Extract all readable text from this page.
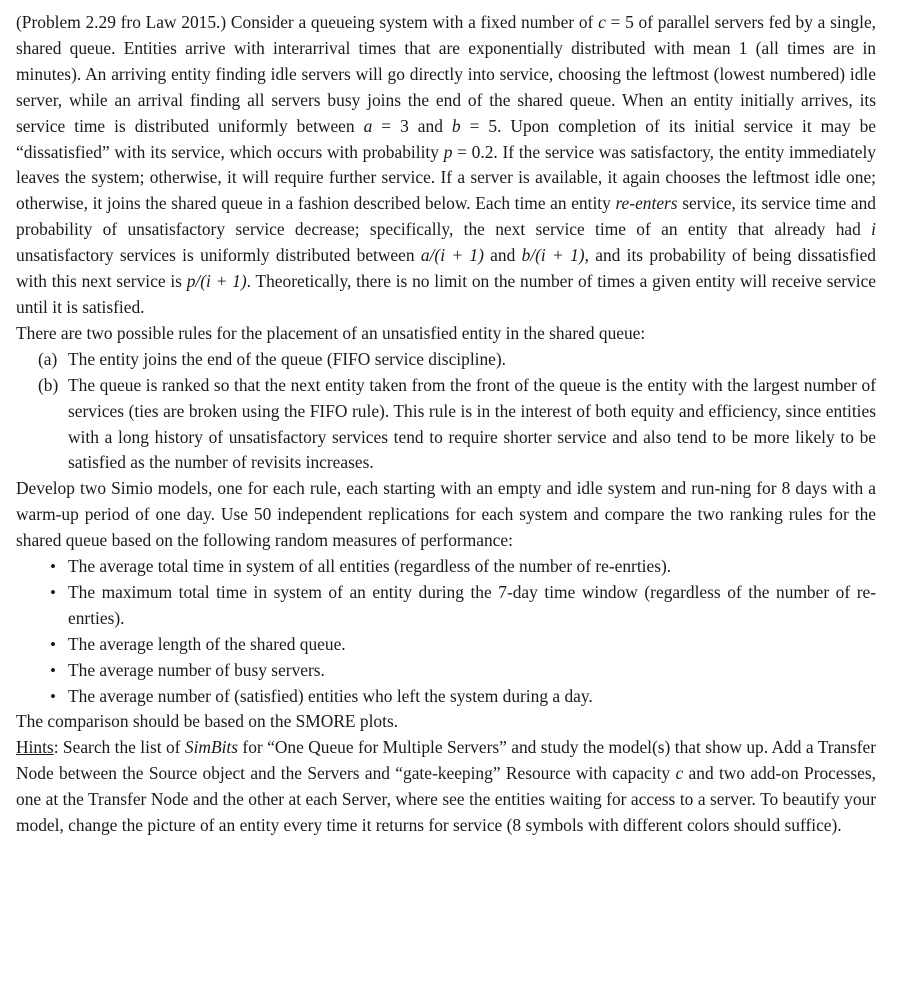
(Problem 2.29 fro Law 2015.) Consider a queueing system with a fixed number of c = 5 of parallel servers fed by a single, shared queue. Entities arrive with interarrival times that are exponentially distributed with mean 1 (all times are in minutes). An arriving entity finding idle servers will go directly into service, choosing the leftmost (lowest numbered) idle server, while an arrival finding all servers busy joins the end of the shared queue. When an entity initially arrives, its service time is distributed uniformly between a = 3 and b = 5. Upon completion of its initial service it may be “dissatisfied” with its service, which occurs with probability p = 0.2. If the service was satisfactory, the entity immediately leaves the system; otherwise, it will require further service. If a server is available, it again chooses the leftmost idle one; otherwise, it joins the shared queue in a fashion described below. Each time an entity re-enters service, its service time and probability of unsatisfactory service decrease; specifically, the next service time of an entity that already had i unsatisfactory services is uniformly distributed between a/(i + 1) and b/(i + 1), and its probability of being dissatisfied with this next service is p/(i + 1). Theoretically, there is no limit on the number of times a given entity will receive service until it is satisfied.

There are two possible rules for the placement of an unsatisfied entity in the shared queue:

(a) The entity joins the end of the queue (FIFO service discipline).
(b) The queue is ranked so that the next entity taken from the front of the queue is the entity with the largest number of services (ties are broken using the FIFO rule). This rule is in the interest of both equity and efficiency, since entities with a long history of unsatisfactory services tend to require shorter service and also tend to be more likely to be satisfied as the number of revisits increases.

Develop two Simio models, one for each rule, each starting with an empty and idle system and run-ning for 8 days with a warm-up period of one day. Use 50 independent replications for each system and compare the two ranking rules for the shared queue based on the following random measures of performance:

• The average total time in system of all entities (regardless of the number of re-enrties).
• The maximum total time in system of an entity during the 7-day time window (regardless of the number of re-enrties).
• The average length of the shared queue.
• The average number of busy servers.
• The average number of (satisfied) entities who left the system during a day.

The comparison should be based on the SMORE plots.

Hints: Search the list of SimBits for “One Queue for Multiple Servers” and study the model(s) that show up. Add a Transfer Node between the Source object and the Servers and “gate-keeping” Resource with capacity c and two add-on Processes, one at the Transfer Node and the other at each Server, where see the entities waiting for access to a server. To beautify your model, change the picture of an entity every time it returns for service (8 symbols with different colors should suffice).
